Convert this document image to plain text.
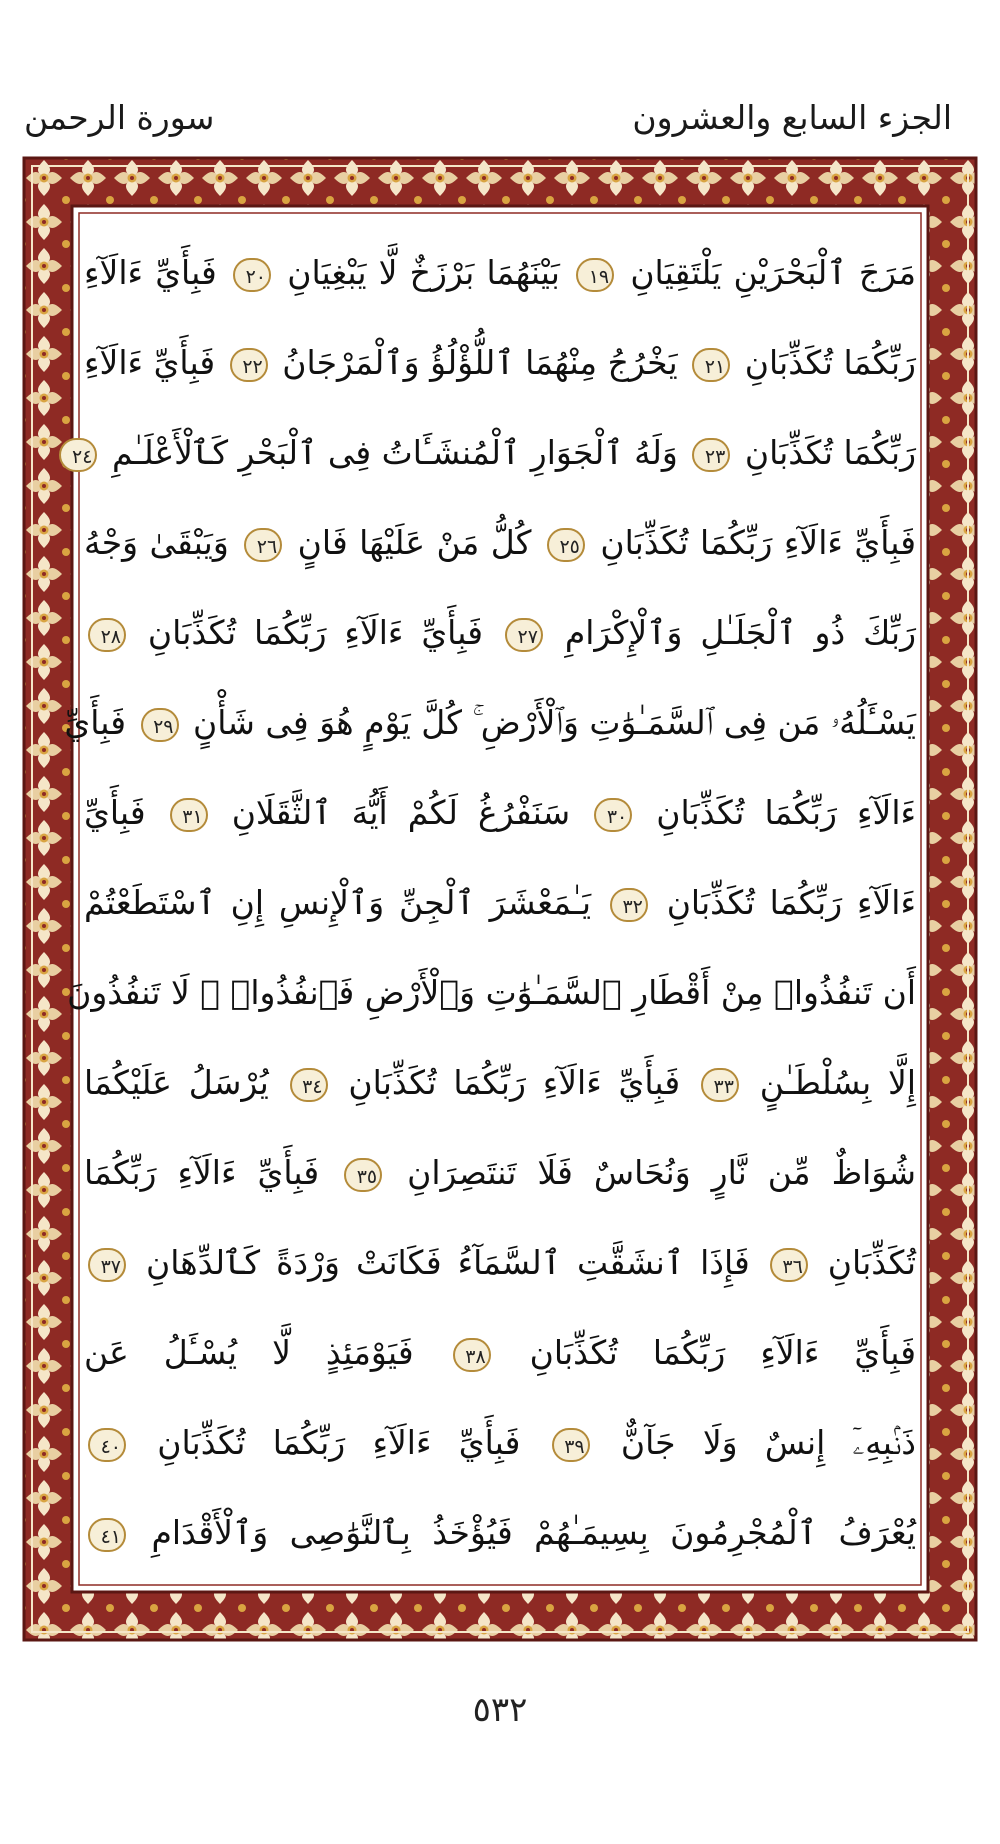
الجزء السابع والعشرون
سورة الرحمن
مَرَجَ ٱلْبَحْرَيْنِ يَلْتَقِيَانِ ١٩ بَيْنَهُمَا بَرْزَخٌ لَّا يَبْغِيَانِ ٢٠ فَبِأَيِّ ءَالَآءِ
رَبِّكُمَا تُكَذِّبَانِ ٢١ يَخْرُجُ مِنْهُمَا ٱللُّؤْلُؤُ وَٱلْمَرْجَانُ ٢٢ فَبِأَيِّ ءَالَآءِ
رَبِّكُمَا تُكَذِّبَانِ ٢٣ وَلَهُ ٱلْجَوَارِ ٱلْمُنشَـَٔاتُ فِى ٱلْبَحْرِ كَٱلْأَعْلَـٰمِ ٢٤
فَبِأَيِّ ءَالَآءِ رَبِّكُمَا تُكَذِّبَانِ ٢٥ كُلُّ مَنْ عَلَيْهَا فَانٍ ٢٦ وَيَبْقَىٰ وَجْهُ
رَبِّكَ ذُو ٱلْجَلَـٰلِ وَٱلْإِكْرَامِ ٢٧ فَبِأَيِّ ءَالَآءِ رَبِّكُمَا تُكَذِّبَانِ ٢٨
يَسْـَٔلُهُۥ مَن فِى ٱلسَّمَـٰوَٰتِ وَٱلْأَرْضِ ۚ كُلَّ يَوْمٍ هُوَ فِى شَأْنٍ ٢٩ فَبِأَيِّ
ءَالَآءِ رَبِّكُمَا تُكَذِّبَانِ ٣٠ سَنَفْرُغُ لَكُمْ أَيُّهَ ٱلثَّقَلَانِ ٣١ فَبِأَيِّ
ءَالَآءِ رَبِّكُمَا تُكَذِّبَانِ ٣٢ يَـٰمَعْشَرَ ٱلْجِنِّ وَٱلْإِنسِ إِنِ ٱسْتَطَعْتُمْ
أَن تَنفُذُوا۟ مِنْ أَقْطَارِ ٱلسَّمَـٰوَٰتِ وَٱلْأَرْضِ فَٱنفُذُوا۟ ۚ لَا تَنفُذُونَ
إِلَّا بِسُلْطَـٰنٍ ٣٣ فَبِأَيِّ ءَالَآءِ رَبِّكُمَا تُكَذِّبَانِ ٣٤ يُرْسَلُ عَلَيْكُمَا
شُوَاظٌ مِّن نَّارٍ وَنُحَاسٌ فَلَا تَنتَصِرَانِ ٣٥ فَبِأَيِّ ءَالَآءِ رَبِّكُمَا
تُكَذِّبَانِ ٣٦ فَإِذَا ٱنشَقَّتِ ٱلسَّمَآءُ فَكَانَتْ وَرْدَةً كَٱلدِّهَانِ ٣٧
فَبِأَيِّ ءَالَآءِ رَبِّكُمَا تُكَذِّبَانِ ٣٨ فَيَوْمَئِذٍ لَّا يُسْـَٔلُ عَن
ذَنۢبِهِۦٓ إِنسٌ وَلَا جَآنٌّ ٣٩ فَبِأَيِّ ءَالَآءِ رَبِّكُمَا تُكَذِّبَانِ ٤٠
يُعْرَفُ ٱلْمُجْرِمُونَ بِسِيمَـٰهُمْ فَيُؤْخَذُ بِٱلنَّوَٰصِى وَٱلْأَقْدَامِ ٤١
٥٣٢
